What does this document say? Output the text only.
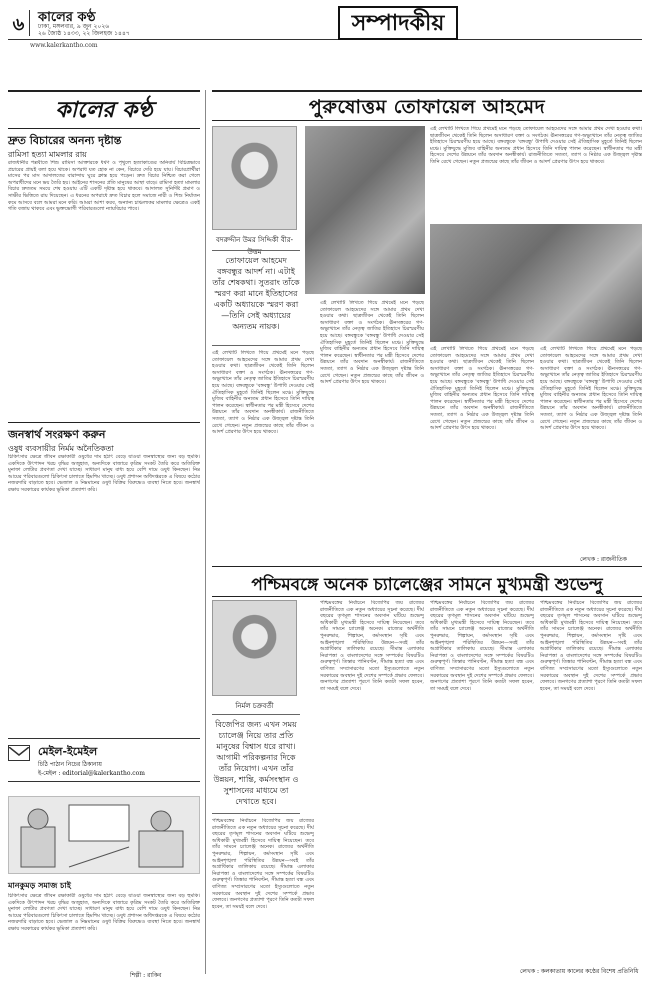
৬	কালের কণ্ঠ
ঢাকা, মঙ্গলবার, ৯ জুন ২০২৬
২৬ জ্যৈষ্ঠ ১৪৩৩, ২২ জিলহজ ১৪৪৭	সম্পাদকীয়
www.kalerkantho.com
কালের কণ্ঠ
দ্রুত বিচারের অনন্য দৃষ্টান্ত
রামিসা হত্যা মামলার রায়
রাজধানীর পল্লবীতে শিশু রামিসা আক্তারকে ধর্ষণ ও পৃথুলে হত্যাকাণ্ডের অনিবার্য বিচিত্রভাবে প্রচারের প্রায়ই বলা হয়ে থাকে। অপরাধ যত হোক না কেন, বিচারে দেরি হয়ে যায়। বিচারপ্রার্থীরা মাসের পর মাস আদালতের বারান্দায় ঘুরে ক্লান্ত হয়ে পড়েন। দ্রুত বিচার নিশ্চিত করা গেলে অপরাধীদের মনে ভয় তৈরি হয়। আইনের শাসনের প্রতি মানুষের আস্থা বাড়ে। রামিসা হত্যা মামলার বিচার দ্রুততম সময়ে শেষ হওয়ায় এটি একটি দৃষ্টান্ত হয়ে থাকবে। আদালত সুনির্দিষ্ট প্রমাণ ও সাক্ষীর ভিত্তিতে রায় দিয়েছেন। এ ধরনের অপরাধে দ্রুত বিচার হলে সমাজে নারী ও শিশু নির্যাতন কমে আসবে বলে আমরা মনে করি। আমরা আশা করব, অন্যান্য চাঞ্চল্যকর মামলার ক্ষেত্রেও একই গতি বজায় থাকবে এবং ভুক্তভোগী পরিবারগুলো ন্যায়বিচার পাবে।
জনস্বার্থ সংরক্ষণ করুন
ওষুধ ব্যবসায়ীর নির্মম অনৈতিকতা
চিকিৎসার ক্ষেত্রে জীবন রক্ষাকারী ওষুধের দাম হঠাৎ বেড়ে যাওয়া জনস্বাস্থ্যের জন্য বড় হুমকি। একদিকে উৎপাদন খরচ বৃদ্ধির অজুহাত, অন্যদিকে বাজারে কৃত্রিম সংকট তৈরি করে অতিরিক্ত মুনাফা লোটার প্রবণতা দেখা যাচ্ছে। সাধারণ মানুষ বাধ্য হয়ে বেশি দামে ওষুধ কিনছেন। নিম্ন আয়ের পরিবারগুলো চিকিৎসা চালাতে হিমশিম খাচ্ছে। ওষুধ প্রশাসন অধিদপ্তরকে এ বিষয়ে কঠোর নজরদারি বাড়াতে হবে। ভেজাল ও নিম্নমানের ওষুধ বিক্রির বিরুদ্ধেও ব্যবস্থা নিতে হবে। জনস্বার্থ রক্ষায় সরকারের কার্যকর ভূমিকা প্রত্যাশা করি।
মেইল-ইমেইল
চিঠি পাঠান নিচের ঠিকানায়
ই-মেইল : editorial@kalerkantho.com
মানকুমড় সমাজ চাই
চিকিৎসার ক্ষেত্রে জীবন রক্ষাকারী ওষুধের দাম হঠাৎ বেড়ে যাওয়া জনস্বাস্থ্যের জন্য বড় হুমকি। একদিকে উৎপাদন খরচ বৃদ্ধির অজুহাত, অন্যদিকে বাজারে কৃত্রিম সংকট তৈরি করে অতিরিক্ত মুনাফা লোটার প্রবণতা দেখা যাচ্ছে। সাধারণ মানুষ বাধ্য হয়ে বেশি দামে ওষুধ কিনছেন। নিম্ন আয়ের পরিবারগুলো চিকিৎসা চালাতে হিমশিম খাচ্ছে। ওষুধ প্রশাসন অধিদপ্তরকে এ বিষয়ে কঠোর নজরদারি বাড়াতে হবে। ভেজাল ও নিম্নমানের ওষুধ বিক্রির বিরুদ্ধেও ব্যবস্থা নিতে হবে। জনস্বার্থ রক্ষায় সরকারের কার্যকর ভূমিকা প্রত্যাশা করি।
শিল্পী : রাকিব
পুরুষোত্তম তোফায়েল আহমেদ
বদরুদ্দীন উমর সিদ্দিকী বীর-উত্তম
এই লেখাটি লিখতে গিয়ে প্রথমেই মনে পড়ছে তোফায়েল আহমেদের সঙ্গে আমার প্রথম দেখা হওয়ার কথা। ছাত্রজীবন থেকেই তিনি ছিলেন অসাধারণ বক্তা ও সংগঠক। ঊনসত্তরের গণ-অভ্যুত্থানে তাঁর নেতৃত্ব জাতির ইতিহাসে চিরস্মরণীয় হয়ে আছে। বঙ্গবন্ধুকে 'বঙ্গবন্ধু' উপাধি দেওয়ার সেই ঐতিহাসিক মুহূর্তে তিনিই ছিলেন মঞ্চে। মুক্তিযুদ্ধে মুজিব বাহিনীর অন্যতম প্রধান হিসেবে তিনি দায়িত্ব পালন করেছেন। স্বাধীনতার পর মন্ত্রী হিসেবে দেশের উন্নয়নে তাঁর অবদান অনস্বীকার্য। রাজনীতিতে সততা, ত্যাগ ও নিষ্ঠার এক উজ্জ্বল দৃষ্টান্ত তিনি রেখে গেছেন। নতুন প্রজন্মের কাছে তাঁর জীবন ও আদর্শ প্রেরণার উৎস হয়ে থাকবে।
তোফায়েল আহমেদ বঙ্গবন্ধুর আদর্শ না। এটাই তাঁর শেষকথা। সুতরাং তাঁকে স্মরণ করা মানে ইতিহাসের একটি অধ্যায়কে স্মরণ করা—তিনি সেই অধ্যায়ের অন্যতম নায়ক।
এই লেখাটি লিখতে গিয়ে প্রথমেই মনে পড়ছে তোফায়েল আহমেদের সঙ্গে আমার প্রথম দেখা হওয়ার কথা। ছাত্রজীবন থেকেই তিনি ছিলেন অসাধারণ বক্তা ও সংগঠক। ঊনসত্তরের গণ-অভ্যুত্থানে তাঁর নেতৃত্ব জাতির ইতিহাসে চিরস্মরণীয় হয়ে আছে। বঙ্গবন্ধুকে 'বঙ্গবন্ধু' উপাধি দেওয়ার সেই ঐতিহাসিক মুহূর্তে তিনিই ছিলেন মঞ্চে। মুক্তিযুদ্ধে মুজিব বাহিনীর অন্যতম প্রধান হিসেবে তিনি দায়িত্ব পালন করেছেন। স্বাধীনতার পর মন্ত্রী হিসেবে দেশের উন্নয়নে তাঁর অবদান অনস্বীকার্য। রাজনীতিতে সততা, ত্যাগ ও নিষ্ঠার এক উজ্জ্বল দৃষ্টান্ত তিনি রেখে গেছেন। নতুন প্রজন্মের কাছে তাঁর জীবন ও আদর্শ প্রেরণার উৎস হয়ে থাকবে।
এই লেখাটি লিখতে গিয়ে প্রথমেই মনে পড়ছে তোফায়েল আহমেদের সঙ্গে আমার প্রথম দেখা হওয়ার কথা। ছাত্রজীবন থেকেই তিনি ছিলেন অসাধারণ বক্তা ও সংগঠক। ঊনসত্তরের গণ-অভ্যুত্থানে তাঁর নেতৃত্ব জাতির ইতিহাসে চিরস্মরণীয় হয়ে আছে। বঙ্গবন্ধুকে 'বঙ্গবন্ধু' উপাধি দেওয়ার সেই ঐতিহাসিক মুহূর্তে তিনিই ছিলেন মঞ্চে। মুক্তিযুদ্ধে মুজিব বাহিনীর অন্যতম প্রধান হিসেবে তিনি দায়িত্ব পালন করেছেন। স্বাধীনতার পর মন্ত্রী হিসেবে দেশের উন্নয়নে তাঁর অবদান অনস্বীকার্য। রাজনীতিতে সততা, ত্যাগ ও নিষ্ঠার এক উজ্জ্বল দৃষ্টান্ত তিনি রেখে গেছেন। নতুন প্রজন্মের কাছে তাঁর জীবন ও আদর্শ প্রেরণার উৎস হয়ে থাকবে।
এই লেখাটি লিখতে গিয়ে প্রথমেই মনে পড়ছে তোফায়েল আহমেদের সঙ্গে আমার প্রথম দেখা হওয়ার কথা। ছাত্রজীবন থেকেই তিনি ছিলেন অসাধারণ বক্তা ও সংগঠক। ঊনসত্তরের গণ-অভ্যুত্থানে তাঁর নেতৃত্ব জাতির ইতিহাসে চিরস্মরণীয় হয়ে আছে। বঙ্গবন্ধুকে 'বঙ্গবন্ধু' উপাধি দেওয়ার সেই ঐতিহাসিক মুহূর্তে তিনিই ছিলেন মঞ্চে। মুক্তিযুদ্ধে মুজিব বাহিনীর অন্যতম প্রধান হিসেবে তিনি দায়িত্ব পালন করেছেন। স্বাধীনতার পর মন্ত্রী হিসেবে দেশের উন্নয়নে তাঁর অবদান অনস্বীকার্য। রাজনীতিতে সততা, ত্যাগ ও নিষ্ঠার এক উজ্জ্বল দৃষ্টান্ত তিনি রেখে গেছেন। নতুন প্রজন্মের কাছে তাঁর জীবন ও আদর্শ প্রেরণার উৎস হয়ে থাকবে।
এই লেখাটি লিখতে গিয়ে প্রথমেই মনে পড়ছে তোফায়েল আহমেদের সঙ্গে আমার প্রথম দেখা হওয়ার কথা। ছাত্রজীবন থেকেই তিনি ছিলেন অসাধারণ বক্তা ও সংগঠক। ঊনসত্তরের গণ-অভ্যুত্থানে তাঁর নেতৃত্ব জাতির ইতিহাসে চিরস্মরণীয় হয়ে আছে। বঙ্গবন্ধুকে 'বঙ্গবন্ধু' উপাধি দেওয়ার সেই ঐতিহাসিক মুহূর্তে তিনিই ছিলেন মঞ্চে। মুক্তিযুদ্ধে মুজিব বাহিনীর অন্যতম প্রধান হিসেবে তিনি দায়িত্ব পালন করেছেন। স্বাধীনতার পর মন্ত্রী হিসেবে দেশের উন্নয়নে তাঁর অবদান অনস্বীকার্য। রাজনীতিতে সততা, ত্যাগ ও নিষ্ঠার এক উজ্জ্বল দৃষ্টান্ত তিনি রেখে গেছেন। নতুন প্রজন্মের কাছে তাঁর জীবন ও আদর্শ প্রেরণার উৎস হয়ে থাকবে।
লেখক : রাজনীতিক
পশ্চিমবঙ্গে অনেক চ্যালেঞ্জের সামনে মুখ্যমন্ত্রী শুভেন্দু
নির্মল চক্রবর্তী
বিজেপির জন্য এখন সময় চ্যালেঞ্জ নিয়ে তার প্রতি মানুষের বিশ্বাস ধরে রাখা। আগামী পরিকল্পনার দিকে তাঁর নিয়োগ। এখন তাঁর উন্নয়ন, শান্তি, কর্মসংস্থান ও সুশাসনের মাধ্যমে তা দেখাতে হবে।
পশ্চিমবঙ্গের নির্বাচনে বিজেপির জয় রাজ্যের রাজনীতিতে এক নতুন অধ্যায়ের সূচনা করেছে। দীর্ঘ বছরের তৃণমূল শাসনের অবসান ঘটিয়ে শুভেন্দু অধিকারী মুখ্যমন্ত্রী হিসেবে দায়িত্ব নিয়েছেন। তবে তাঁর সামনে চ্যালেঞ্জ অনেক। রাজ্যের অর্থনীতি পুনরুদ্ধার, শিল্পায়ন, কর্মসংস্থান সৃষ্টি এবং আইনশৃঙ্খলা পরিস্থিতির উন্নয়ন—সবই তাঁর অগ্রাধিকার তালিকায় রয়েছে। সীমান্ত এলাকার নিরাপত্তা ও বাংলাদেশের সঙ্গে সম্পর্কের বিষয়টিও গুরুত্বপূর্ণ। তিস্তার পানিবণ্টন, সীমান্ত হত্যা বন্ধ এবং বাণিজ্য সম্প্রসারণের মতো ইস্যুগুলোতে নতুন সরকারের অবস্থান দুই দেশের সম্পর্কে প্রভাব ফেলবে। জনগণের প্রত্যাশা পূরণে তিনি কতটা সফল হবেন, তা সময়ই বলে দেবে।
পশ্চিমবঙ্গের নির্বাচনে বিজেপির জয় রাজ্যের রাজনীতিতে এক নতুন অধ্যায়ের সূচনা করেছে। দীর্ঘ বছরের তৃণমূল শাসনের অবসান ঘটিয়ে শুভেন্দু অধিকারী মুখ্যমন্ত্রী হিসেবে দায়িত্ব নিয়েছেন। তবে তাঁর সামনে চ্যালেঞ্জ অনেক। রাজ্যের অর্থনীতি পুনরুদ্ধার, শিল্পায়ন, কর্মসংস্থান সৃষ্টি এবং আইনশৃঙ্খলা পরিস্থিতির উন্নয়ন—সবই তাঁর অগ্রাধিকার তালিকায় রয়েছে। সীমান্ত এলাকার নিরাপত্তা ও বাংলাদেশের সঙ্গে সম্পর্কের বিষয়টিও গুরুত্বপূর্ণ। তিস্তার পানিবণ্টন, সীমান্ত হত্যা বন্ধ এবং বাণিজ্য সম্প্রসারণের মতো ইস্যুগুলোতে নতুন সরকারের অবস্থান দুই দেশের সম্পর্কে প্রভাব ফেলবে। জনগণের প্রত্যাশা পূরণে তিনি কতটা সফল হবেন, তা সময়ই বলে দেবে।
পশ্চিমবঙ্গের নির্বাচনে বিজেপির জয় রাজ্যের রাজনীতিতে এক নতুন অধ্যায়ের সূচনা করেছে। দীর্ঘ বছরের তৃণমূল শাসনের অবসান ঘটিয়ে শুভেন্দু অধিকারী মুখ্যমন্ত্রী হিসেবে দায়িত্ব নিয়েছেন। তবে তাঁর সামনে চ্যালেঞ্জ অনেক। রাজ্যের অর্থনীতি পুনরুদ্ধার, শিল্পায়ন, কর্মসংস্থান সৃষ্টি এবং আইনশৃঙ্খলা পরিস্থিতির উন্নয়ন—সবই তাঁর অগ্রাধিকার তালিকায় রয়েছে। সীমান্ত এলাকার নিরাপত্তা ও বাংলাদেশের সঙ্গে সম্পর্কের বিষয়টিও গুরুত্বপূর্ণ। তিস্তার পানিবণ্টন, সীমান্ত হত্যা বন্ধ এবং বাণিজ্য সম্প্রসারণের মতো ইস্যুগুলোতে নতুন সরকারের অবস্থান দুই দেশের সম্পর্কে প্রভাব ফেলবে। জনগণের প্রত্যাশা পূরণে তিনি কতটা সফল হবেন, তা সময়ই বলে দেবে।
পশ্চিমবঙ্গের নির্বাচনে বিজেপির জয় রাজ্যের রাজনীতিতে এক নতুন অধ্যায়ের সূচনা করেছে। দীর্ঘ বছরের তৃণমূল শাসনের অবসান ঘটিয়ে শুভেন্দু অধিকারী মুখ্যমন্ত্রী হিসেবে দায়িত্ব নিয়েছেন। তবে তাঁর সামনে চ্যালেঞ্জ অনেক। রাজ্যের অর্থনীতি পুনরুদ্ধার, শিল্পায়ন, কর্মসংস্থান সৃষ্টি এবং আইনশৃঙ্খলা পরিস্থিতির উন্নয়ন—সবই তাঁর অগ্রাধিকার তালিকায় রয়েছে। সীমান্ত এলাকার নিরাপত্তা ও বাংলাদেশের সঙ্গে সম্পর্কের বিষয়টিও গুরুত্বপূর্ণ। তিস্তার পানিবণ্টন, সীমান্ত হত্যা বন্ধ এবং বাণিজ্য সম্প্রসারণের মতো ইস্যুগুলোতে নতুন সরকারের অবস্থান দুই দেশের সম্পর্কে প্রভাব ফেলবে। জনগণের প্রত্যাশা পূরণে তিনি কতটা সফল হবেন, তা সময়ই বলে দেবে।
লেখক : কলকাতায় কালের কণ্ঠের বিশেষ প্রতিনিধি
